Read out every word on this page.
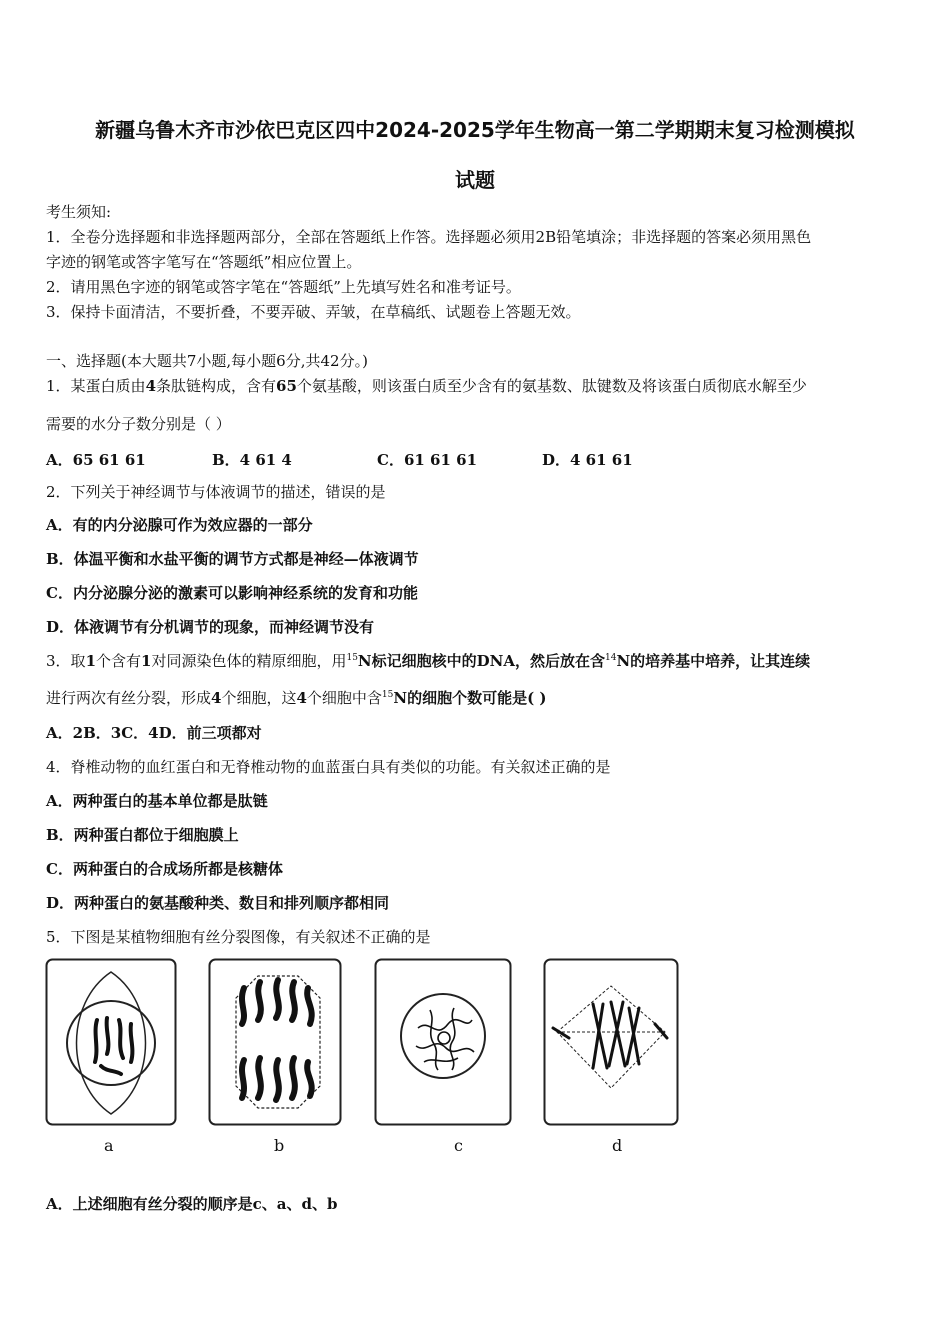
新疆乌鲁木齐市沙依巴克区四中2024-2025学年生物高一第二学期期末复习检测模拟
试题
考生须知:
1．全卷分选择题和非选择题两部分，全部在答题纸上作答。选择题必须用2B铅笔填涂；非选择题的答案必须用黑色
字迹的钢笔或答字笔写在“答题纸”相应位置上。
2．请用黑色字迹的钢笔或答字笔在“答题纸”上先填写姓名和准考证号。
3．保持卡面清洁，不要折叠，不要弄破、弄皱，在草稿纸、试题卷上答题无效。
一、选择题(本大题共7小题,每小题6分,共42分。)
1．某蛋白质由4条肽链构成，含有65个氨基酸，则该蛋白质至少含有的氨基数、肽键数及将该蛋白质彻底水解至少
需要的水分子数分别是（ ）
A．65 61 61	B．4 61 4	C．61 61 61	D．4 61 61
2．下列关于神经调节与体液调节的描述，错误的是
A．有的内分泌腺可作为效应器的一部分
B．体温平衡和水盐平衡的调节方式都是神经—体液调节
C．内分泌腺分泌的激素可以影响神经系统的发育和功能
D．体液调节有分机调节的现象，而神经调节没有
3．取1个含有1对同源染色体的精原细胞，用$^{15}$N标记细胞核中的DNA，然后放在含$^{14}$N的培养基中培养，让其连续
进行两次有丝分裂，形成4个细胞，这4个细胞中含$^{15}$N的细胞个数可能是( )
A．2B．3C．4D．前三项都对
4．脊椎动物的血红蛋白和无脊椎动物的血蓝蛋白具有类似的功能。有关叙述正确的是
A．两种蛋白的基本单位都是肽链
B．两种蛋白都位于细胞膜上
C．两种蛋白的合成场所都是核糖体
D．两种蛋白的氨基酸种类、数目和排列顺序都相同
5．下图是某植物细胞有丝分裂图像，有关叙述不正确的是
a	b	c	d
A．上述细胞有丝分裂的顺序是c、a、d、b
